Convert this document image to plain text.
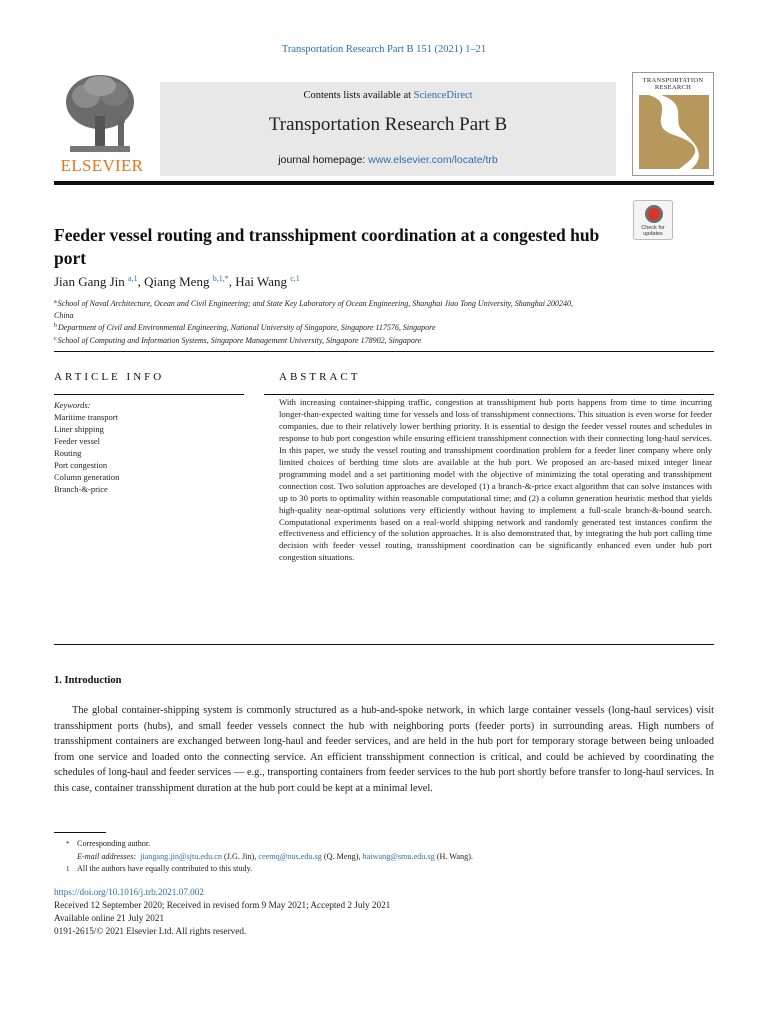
Transportation Research Part B 151 (2021) 1–21
ELSEVIER
Contents lists available at ScienceDirect
Transportation Research Part B
journal homepage: www.elsevier.com/locate/trb
TRANSPORTATION RESEARCH
Check for updates
Feeder vessel routing and transshipment coordination at a congested hub port
Jian Gang Jin $^{a,1}$, Qiang Meng $^{b,1,*}$, Hai Wang $^{c,1}$
$^a$School of Naval Architecture, Ocean and Civil Engineering; and State Key Laboratory of Ocean Engineering, Shanghai Jiao Tong University, Shanghai 200240, China
$^b$Department of Civil and Environmental Engineering, National University of Singapore, Singapore 117576, Singapore
$^c$School of Computing and Information Systems, Singapore Management University, Singapore 178902, Singapore
ARTICLE INFO	ABSTRACT
Keywords:
Maritime transport
Liner shipping
Feeder vessel
Routing
Port congestion
Column generation
Branch-&-price

With increasing container-shipping traffic, congestion at transshipment hub ports happens from time to time incurring longer-than-expected waiting time for vessels and loss of transshipment connections. This situation is even worse for feeder companies, due to their relatively lower berthing priority. It is essential to design the feeder vessel routes and schedules in response to hub port congestion while ensuring efficient transshipment connection with their connecting long-haul services. In this paper, we study the vessel routing and transshipment coordination problem for a feeder liner company where only limited choices of berthing time slots are available at the hub port. We proposed an arc-based mixed integer linear programming model and a set partitioning model with the objective of minimizing the total operating and transshipment connection cost. Two solution approaches are developed (1) a branch-&-price exact algorithm that can solve instances with up to 30 ports to optimality within reasonable computational time; and (2) a column generation heuristic method that yields high-quality near-optimal solutions very efficiently without having to implement a full-scale branch-&-bound search. Computational experiments based on a real-world shipping network and randomly generated test instances confirm the effectiveness and efficiency of the solution approaches. It is also demonstrated that, by integrating the hub port calling time decision with feeder vessel routing, transshipment coordination can be significantly enhanced even under hub port congestion situations.

1. Introduction

The global container-shipping system is commonly structured as a hub-and-spoke network, in which large container vessels (long-haul services) visit transshipment ports (hubs), and small feeder vessels connect the hub with neighboring ports (feeder ports) in surrounding areas. High numbers of transshipment containers are exchanged between long-haul and feeder services, and are held in the hub port for temporary storage between being unloaded from one service and loaded onto the connecting service. An efficient transshipment connection is critical, and could be achieved by coordinating the schedules of long-haul and feeder services — e.g., transporting containers from feeder services to the hub port shortly before transfer to long-haul services. In this case, container transshipment duration at the hub port could be kept at a minimal level.

* Corresponding author.
E-mail addresses: jiangang.jin@sjtu.edu.cn (J.G. Jin), ceemq@nus.edu.sg (Q. Meng), haiwang@smu.edu.sg (H. Wang).
1 All the authors have equally contributed to this study.
https://doi.org/10.1016/j.trb.2021.07.002
Received 12 September 2020; Received in revised form 9 May 2021; Accepted 2 July 2021
Available online 21 July 2021
0191-2615/© 2021 Elsevier Ltd. All rights reserved.
